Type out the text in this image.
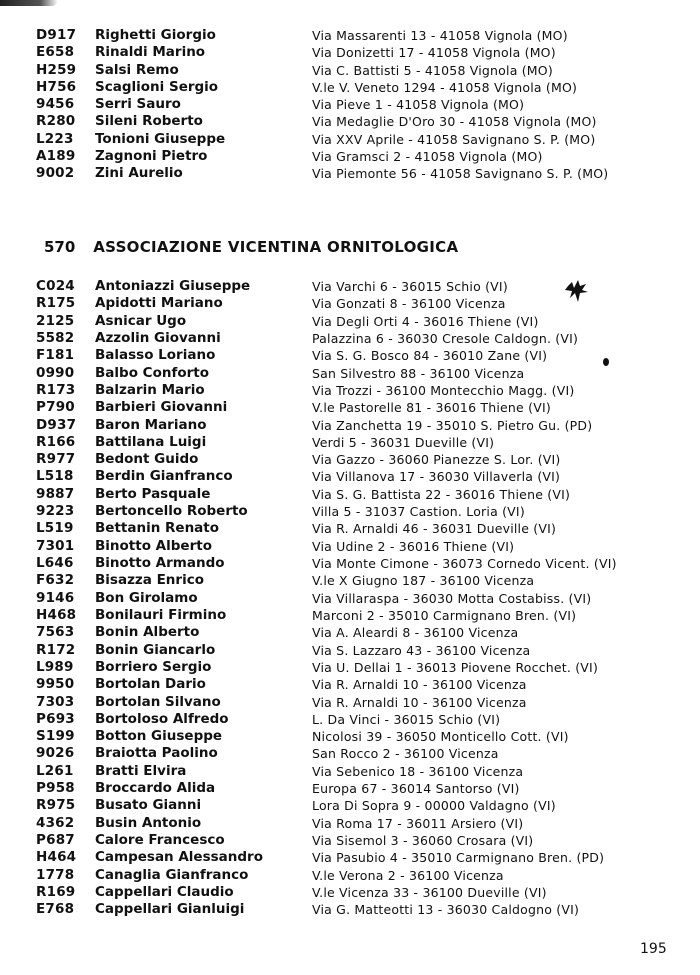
D917	Righetti Giorgio	Via Massarenti 13 - 41058 Vignola (MO)
E658	Rinaldi Marino	Via Donizetti 17 - 41058 Vignola (MO)
H259	Salsi Remo	Via C. Battisti 5 - 41058 Vignola (MO)
H756	Scaglioni Sergio	V.le V. Veneto 1294 - 41058 Vignola (MO)
9456	Serri Sauro	Via Pieve 1 - 41058 Vignola (MO)
R280	Sileni Roberto	Via Medaglie D'Oro 30 - 41058 Vignola (MO)
L223	Tonioni Giuseppe	Via XXV Aprile - 41058 Savignano S. P. (MO)
A189	Zagnoni Pietro	Via Gramsci 2 - 41058 Vignola (MO)
9002	Zini Aurelio	Via Piemonte 56 - 41058 Savignano S. P. (MO)
570 ASSOCIAZIONE VICENTINA ORNITOLOGICA
C024	Antoniazzi Giuseppe	Via Varchi 6 - 36015 Schio (VI)
R175	Apidotti Mariano	Via Gonzati 8 - 36100 Vicenza
2125	Asnicar Ugo	Via Degli Orti 4 - 36016 Thiene (VI)
5582	Azzolin Giovanni	Palazzina 6 - 36030 Cresole Caldogn. (VI)
F181	Balasso Loriano	Via S. G. Bosco 84 - 36010 Zane (VI)
0990	Balbo Conforto	San Silvestro 88 - 36100 Vicenza
R173	Balzarin Mario	Via Trozzi - 36100 Montecchio Magg. (VI)
P790	Barbieri Giovanni	V.le Pastorelle 81 - 36016 Thiene (VI)
D937	Baron Mariano	Via Zanchetta 19 - 35010 S. Pietro Gu. (PD)
R166	Battilana Luigi	Verdi 5 - 36031 Dueville (VI)
R977	Bedont Guido	Via Gazzo - 36060 Pianezze S. Lor. (VI)
L518	Berdin Gianfranco	Via Villanova 17 - 36030 Villaverla (VI)
9887	Berto Pasquale	Via S. G. Battista 22 - 36016 Thiene (VI)
9223	Bertoncello Roberto	Villa 5 - 31037 Castion. Loria (VI)
L519	Bettanin Renato	Via R. Arnaldi 46 - 36031 Dueville (VI)
7301	Binotto Alberto	Via Udine 2 - 36016 Thiene (VI)
L646	Binotto Armando	Via Monte Cimone - 36073 Cornedo Vicent. (VI)
F632	Bisazza Enrico	V.le X Giugno 187 - 36100 Vicenza
9146	Bon Girolamo	Via Villaraspa - 36030 Motta Costabiss. (VI)
H468	Bonilauri Firmino	Marconi 2 - 35010 Carmignano Bren. (VI)
7563	Bonin Alberto	Via A. Aleardi 8 - 36100 Vicenza
R172	Bonin Giancarlo	Via S. Lazzaro 43 - 36100 Vicenza
L989	Borriero Sergio	Via U. Dellai 1 - 36013 Piovene Rocchet. (VI)
9950	Bortolan Dario	Via R. Arnaldi 10 - 36100 Vicenza
7303	Bortolan Silvano	Via R. Arnaldi 10 - 36100 Vicenza
P693	Bortoloso Alfredo	L. Da Vinci - 36015 Schio (VI)
S199	Botton Giuseppe	Nicolosi 39 - 36050 Monticello Cott. (VI)
9026	Braiotta Paolino	San Rocco 2 - 36100 Vicenza
L261	Bratti Elvira	Via Sebenico 18 - 36100 Vicenza
P958	Broccardo Alida	Europa 67 - 36014 Santorso (VI)
R975	Busato Gianni	Lora Di Sopra 9 - 00000 Valdagno (VI)
4362	Busin Antonio	Via Roma 17 - 36011 Arsiero (VI)
P687	Calore Francesco	Via Sisemol 3 - 36060 Crosara (VI)
H464	Campesan Alessandro	Via Pasubio 4 - 35010 Carmignano Bren. (PD)
1778	Canaglia Gianfranco	V.le Verona 2 - 36100 Vicenza
R169	Cappellari Claudio	V.le Vicenza 33 - 36100 Dueville (VI)
E768	Cappellari Gianluigi	Via G. Matteotti 13 - 36030 Caldogno (VI)
195
